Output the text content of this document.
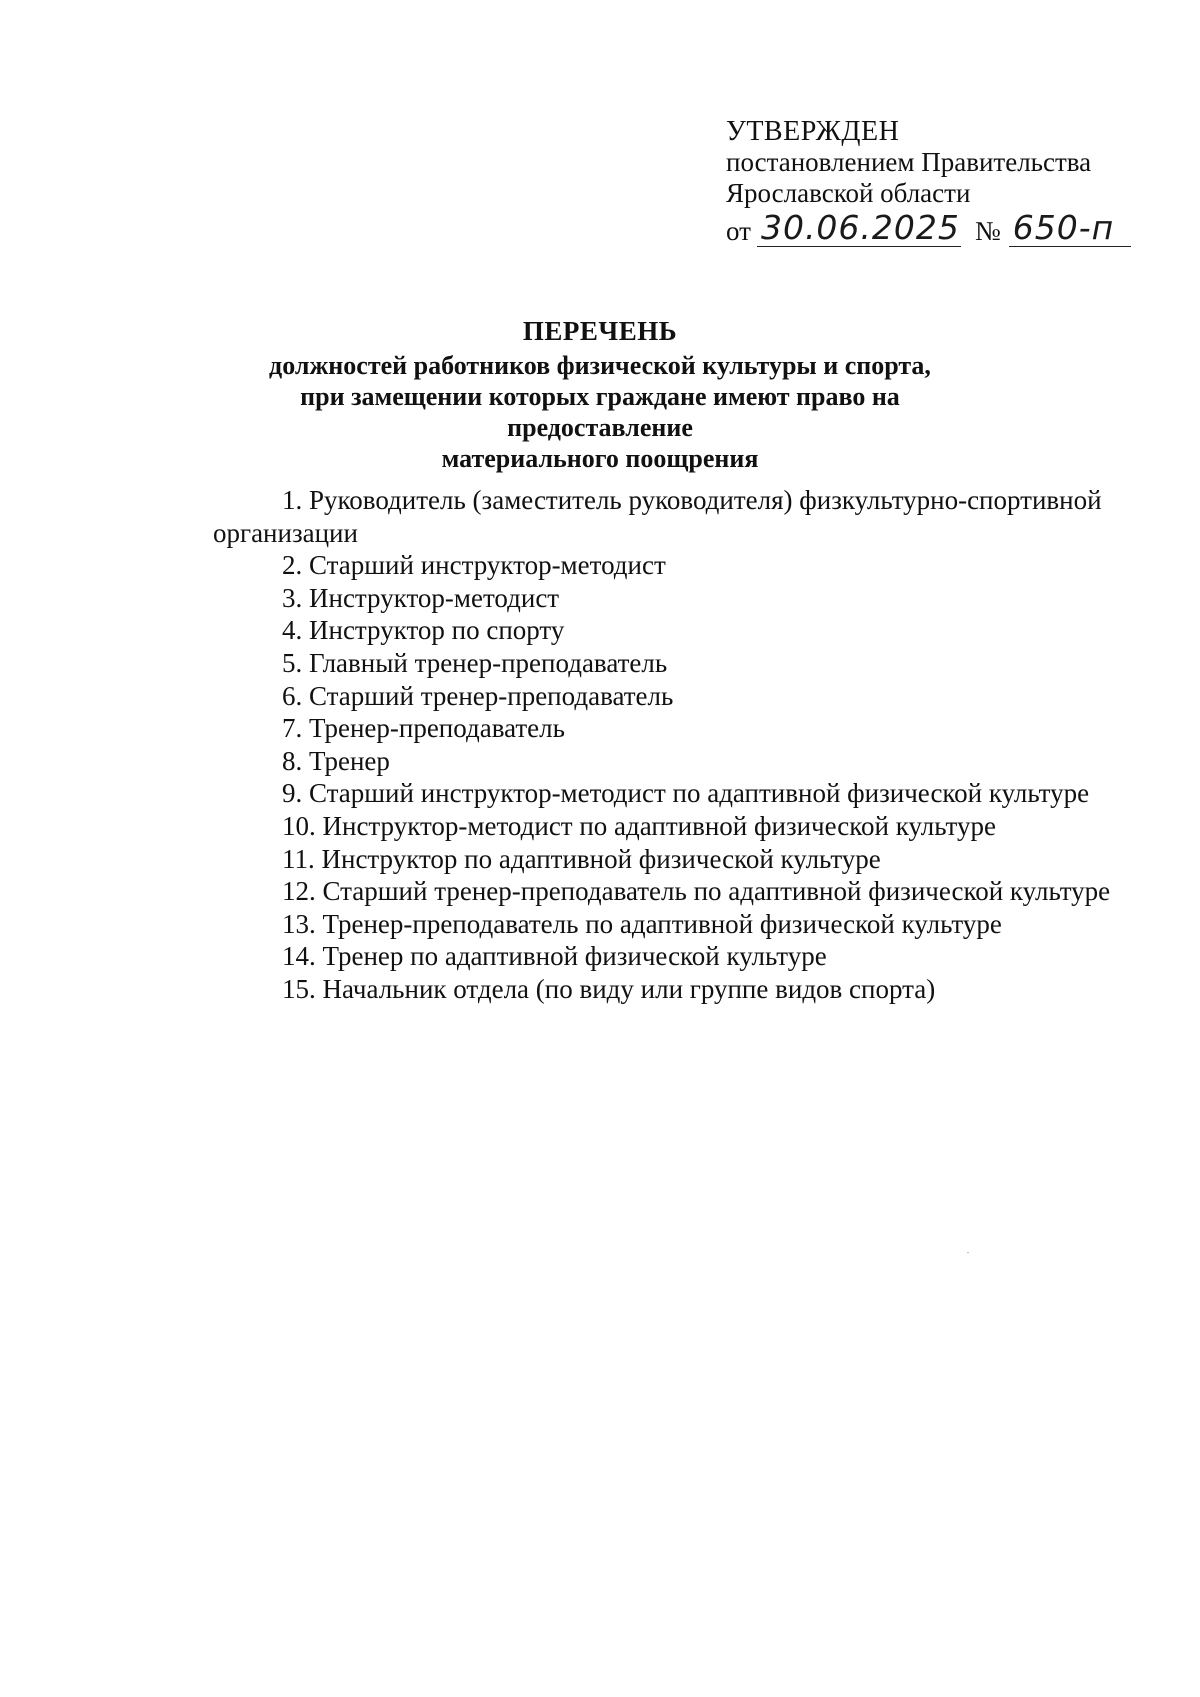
УТВЕРЖДЕН
постановлением Правительства
Ярославской области
от 30.06.2025 № 650-п
ПЕРЕЧЕНЬ
должностей работников физической культуры и спорта,
при замещении которых граждане имеют право на предоставление
материального поощрения
1. Руководитель (заместитель руководителя) физкультурно-спортивной организации
2. Старший инструктор-методист
3. Инструктор-методист
4. Инструктор по спорту
5. Главный тренер-преподаватель
6. Старший тренер-преподаватель
7. Тренер-преподаватель
8. Тренер
9. Старший инструктор-методист по адаптивной физической культуре
10. Инструктор-методист по адаптивной физической культуре
11. Инструктор по адаптивной физической культуре
12. Старший тренер-преподаватель по адаптивной физической культуре
13. Тренер-преподаватель по адаптивной физической культуре
14. Тренер по адаптивной физической культуре
15. Начальник отдела (по виду или группе видов спорта)
